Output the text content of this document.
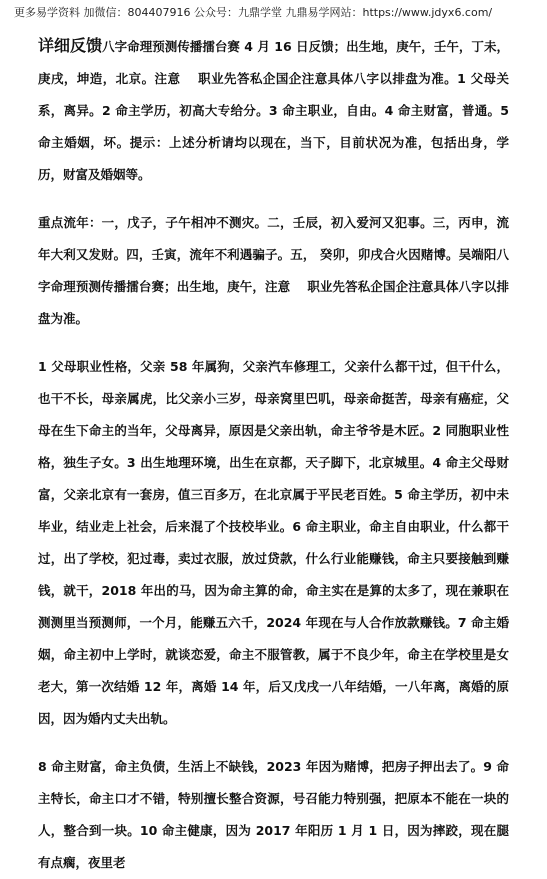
更多易学资料 加微信：804407916 公众号：九鼎学堂 九鼎易学网站：https://www.jdyx6.com/

详细反馈八字命理预测传播擂台赛 4 月 16 日反馈；出生地，庚午，壬午，丁未，庚戌，坤造，北京。注意　 职业先答私企国企注意具体八字以排盘为准。1 父母关系，离异。2 命主学历，初高大专给分。3 命主职业，自由。4 命主财富，普通。5 命主婚姻，坏。提示：上述分析请均以现在，当下，目前状况为准，包括出身，学历，财富及婚姻等。

重点流年：一，戊子，子午相冲不测灾。二，壬辰，初入爱河又犯事。三，丙申，流年大利又发财。四，壬寅，流年不利遇骗子。五， 癸卯，卯戌合火因赌博。吴端阳八字命理预测传播擂台赛；出生地，庚午，注意　 职业先答私企国企注意具体八字以排盘为准。

1 父母职业性格，父亲 58 年属狗，父亲汽车修理工，父亲什么都干过，但干什么，也干不长，母亲属虎，比父亲小三岁，母亲窝里巴叽，母亲命挺苦，母亲有癌症，父母在生下命主的当年，父母离异，原因是父亲出轨，命主爷爷是木匠。2 同胞职业性格，独生子女。3 出生地理环境，出生在京都，天子脚下，北京城里。4 命主父母财富，父亲北京有一套房，值三百多万，在北京属于平民老百姓。5 命主学历，初中未毕业，结业走上社会，后来混了个技校毕业。6 命主职业，命主自由职业，什么都干过，出了学校，犯过毒，卖过衣服，放过贷款，什么行业能赚钱，命主只要接触到赚钱，就干，2018 年出的马，因为命主算的命，命主实在是算的太多了，现在兼职在测测里当预测师，一个月，能赚五六千，2024 年现在与人合作放款赚钱。7 命主婚姻，命主初中上学时，就谈恋爱，命主不服管教，属于不良少年，命主在学校里是女老大，第一次结婚 12 年，离婚 14 年，后又戊戌一八年结婚，一八年离，离婚的原因，因为婚内丈夫出轨。

8 命主财富，命主负债，生活上不缺钱，2023 年因为赌博，把房子押出去了。9 命主特长，命主口才不错，特别擅长整合资源，号召能力特别强，把原本不能在一块的人，整合到一块。10 命主健康，因为 2017 年阳历 1 月 1 日，因为摔跤，现在腿有点瘸，夜里老
